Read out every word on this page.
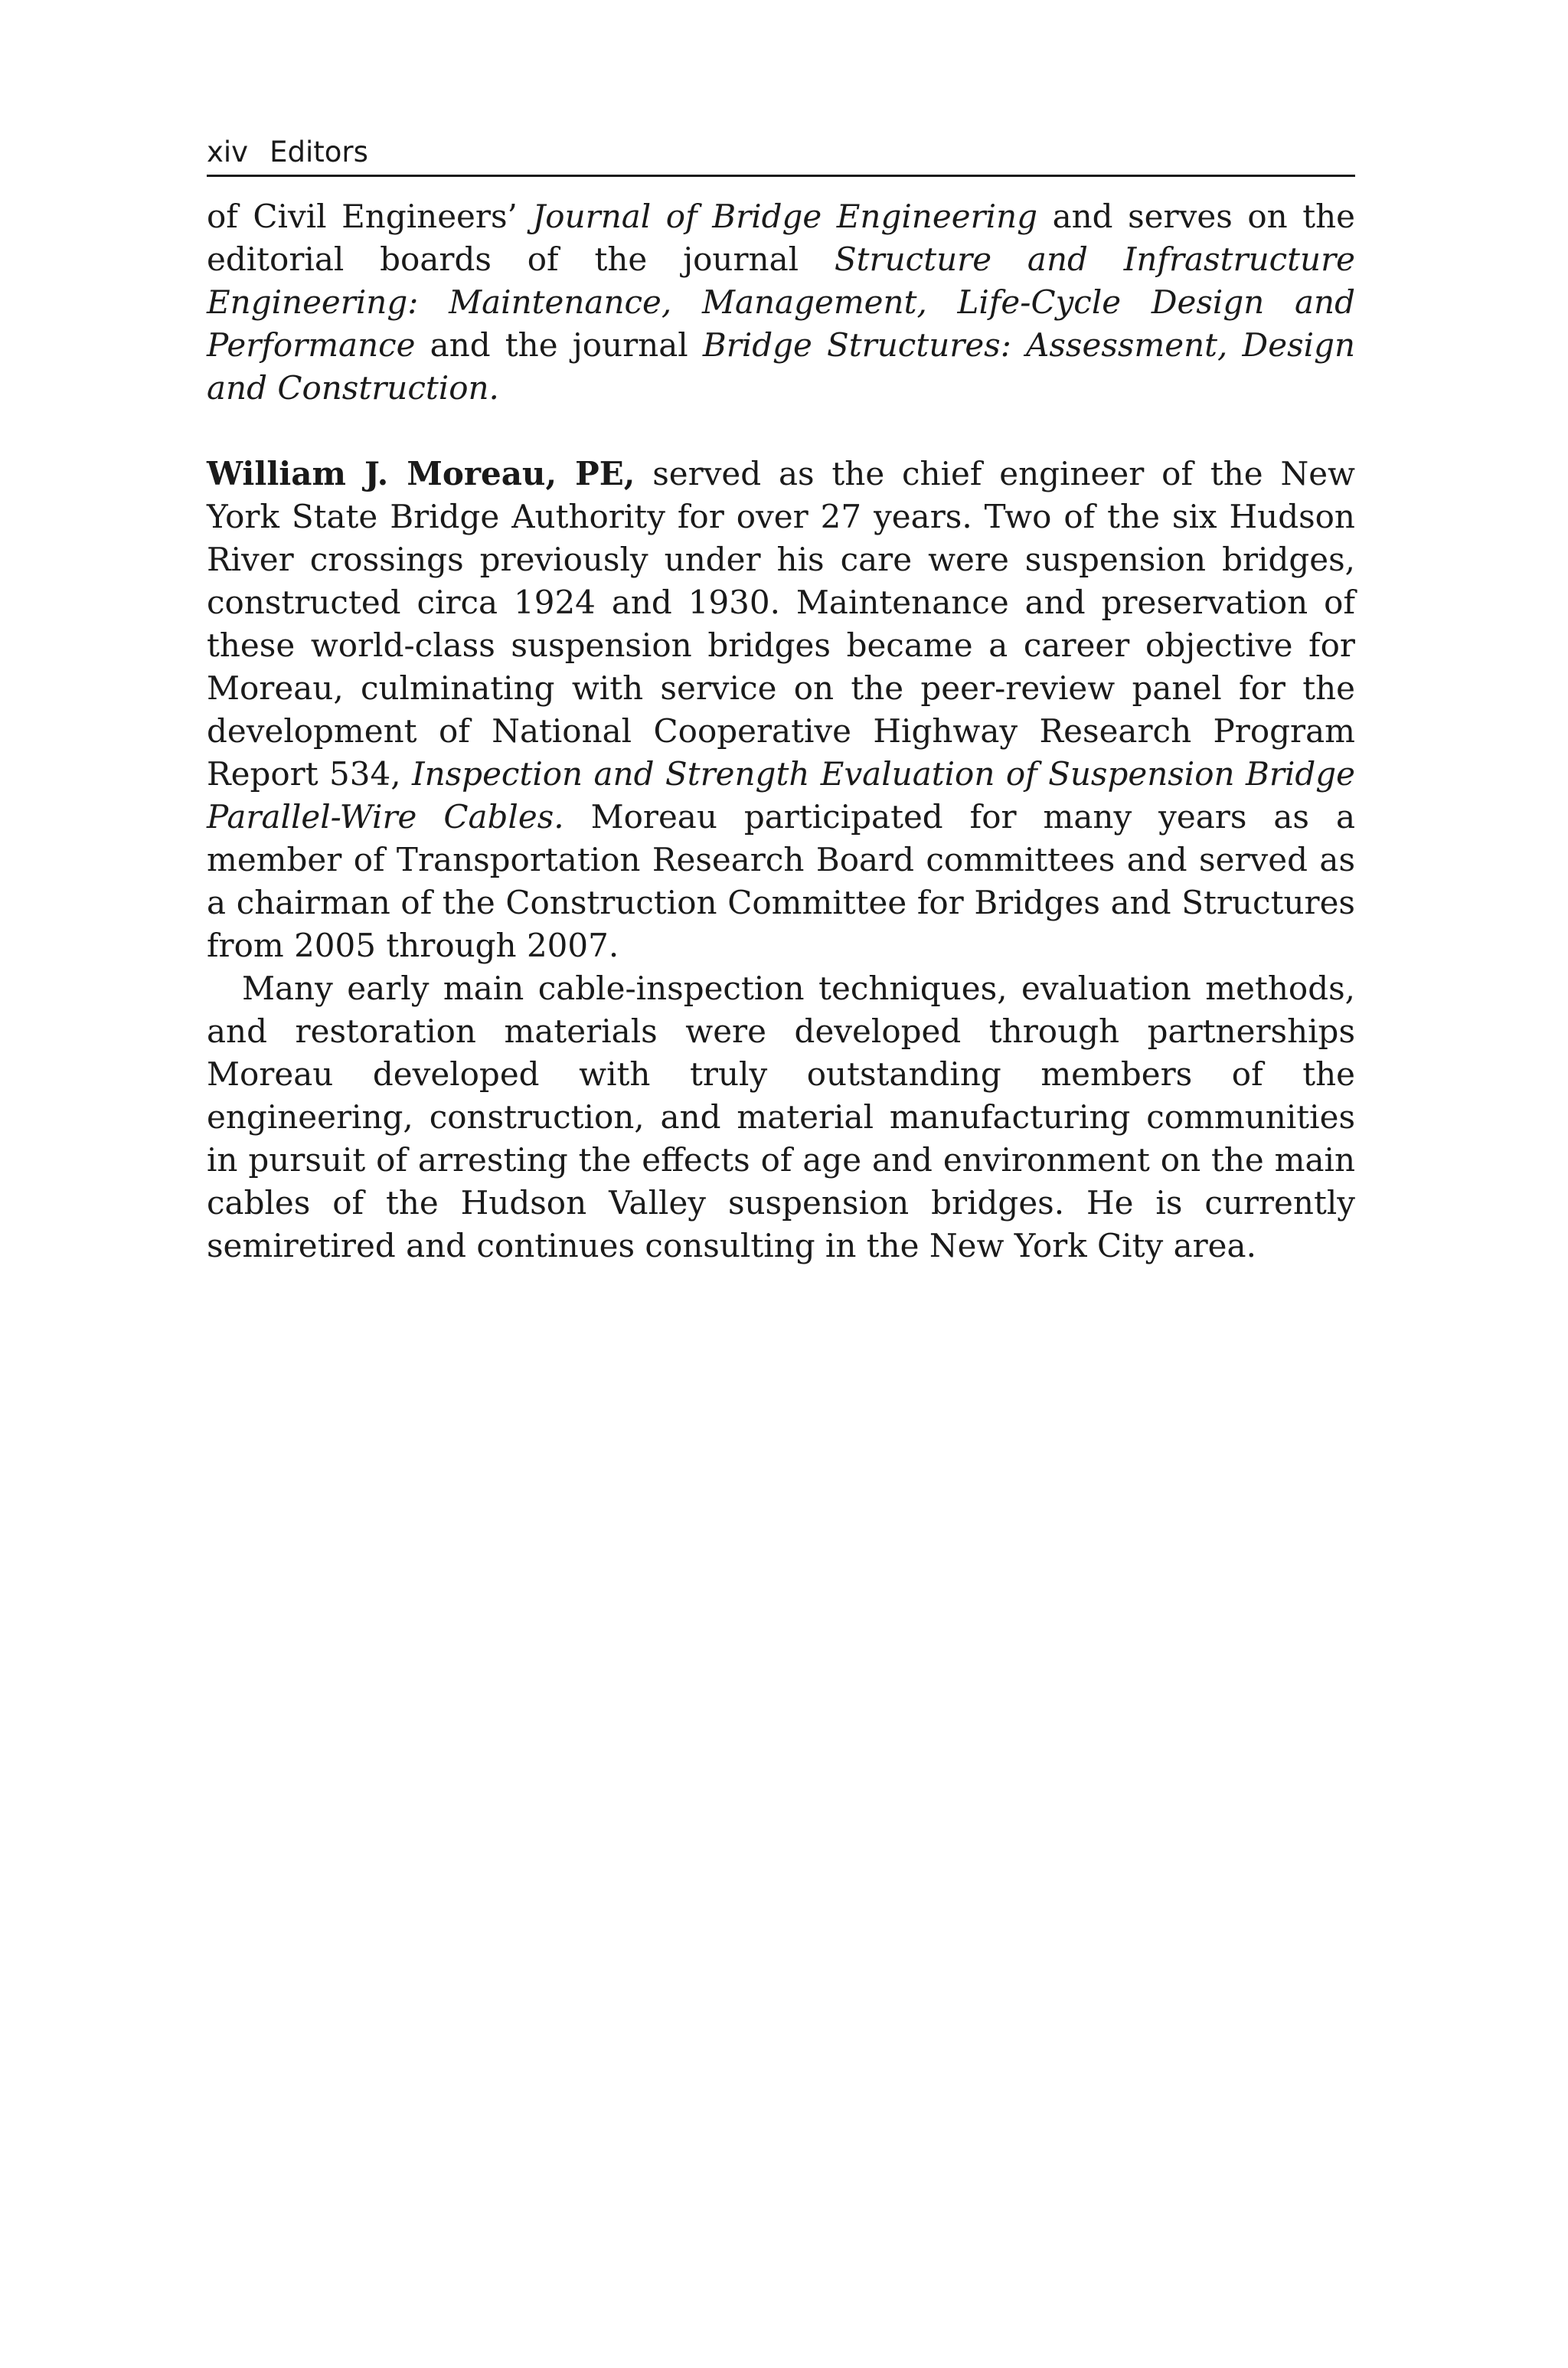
xiv Editors

of Civil Engineers’ Journal of Bridge Engineering and serves on the editorial boards of the journal Structure and Infrastructure Engineering: Maintenance, Management, Life-Cycle Design and Performance and the journal Bridge Structures: Assessment, Design and Construction.

William J. Moreau, PE, served as the chief engineer of the New York State Bridge Authority for over 27 years. Two of the six Hudson River crossings previously under his care were suspension bridges, constructed circa 1924 and 1930. Maintenance and preservation of these world-class suspension bridges became a career objective for Moreau, culminating with service on the peer-review panel for the development of National Cooperative Highway Research Program Report 534, Inspection and Strength Evaluation of Suspension Bridge Parallel-Wire Cables. Moreau participated for many years as a member of Transportation Research Board committees and served as a chairman of the Construction Committee for Bridges and Structures from 2005 through 2007.

Many early main cable-inspection techniques, evaluation methods, and restoration materials were developed through partnerships Moreau developed with truly outstanding members of the engineering, construction, and material manufacturing communities in pursuit of arresting the effects of age and environment on the main cables of the Hudson Valley suspension bridges. He is currently semiretired and continues consulting in the New York City area.
